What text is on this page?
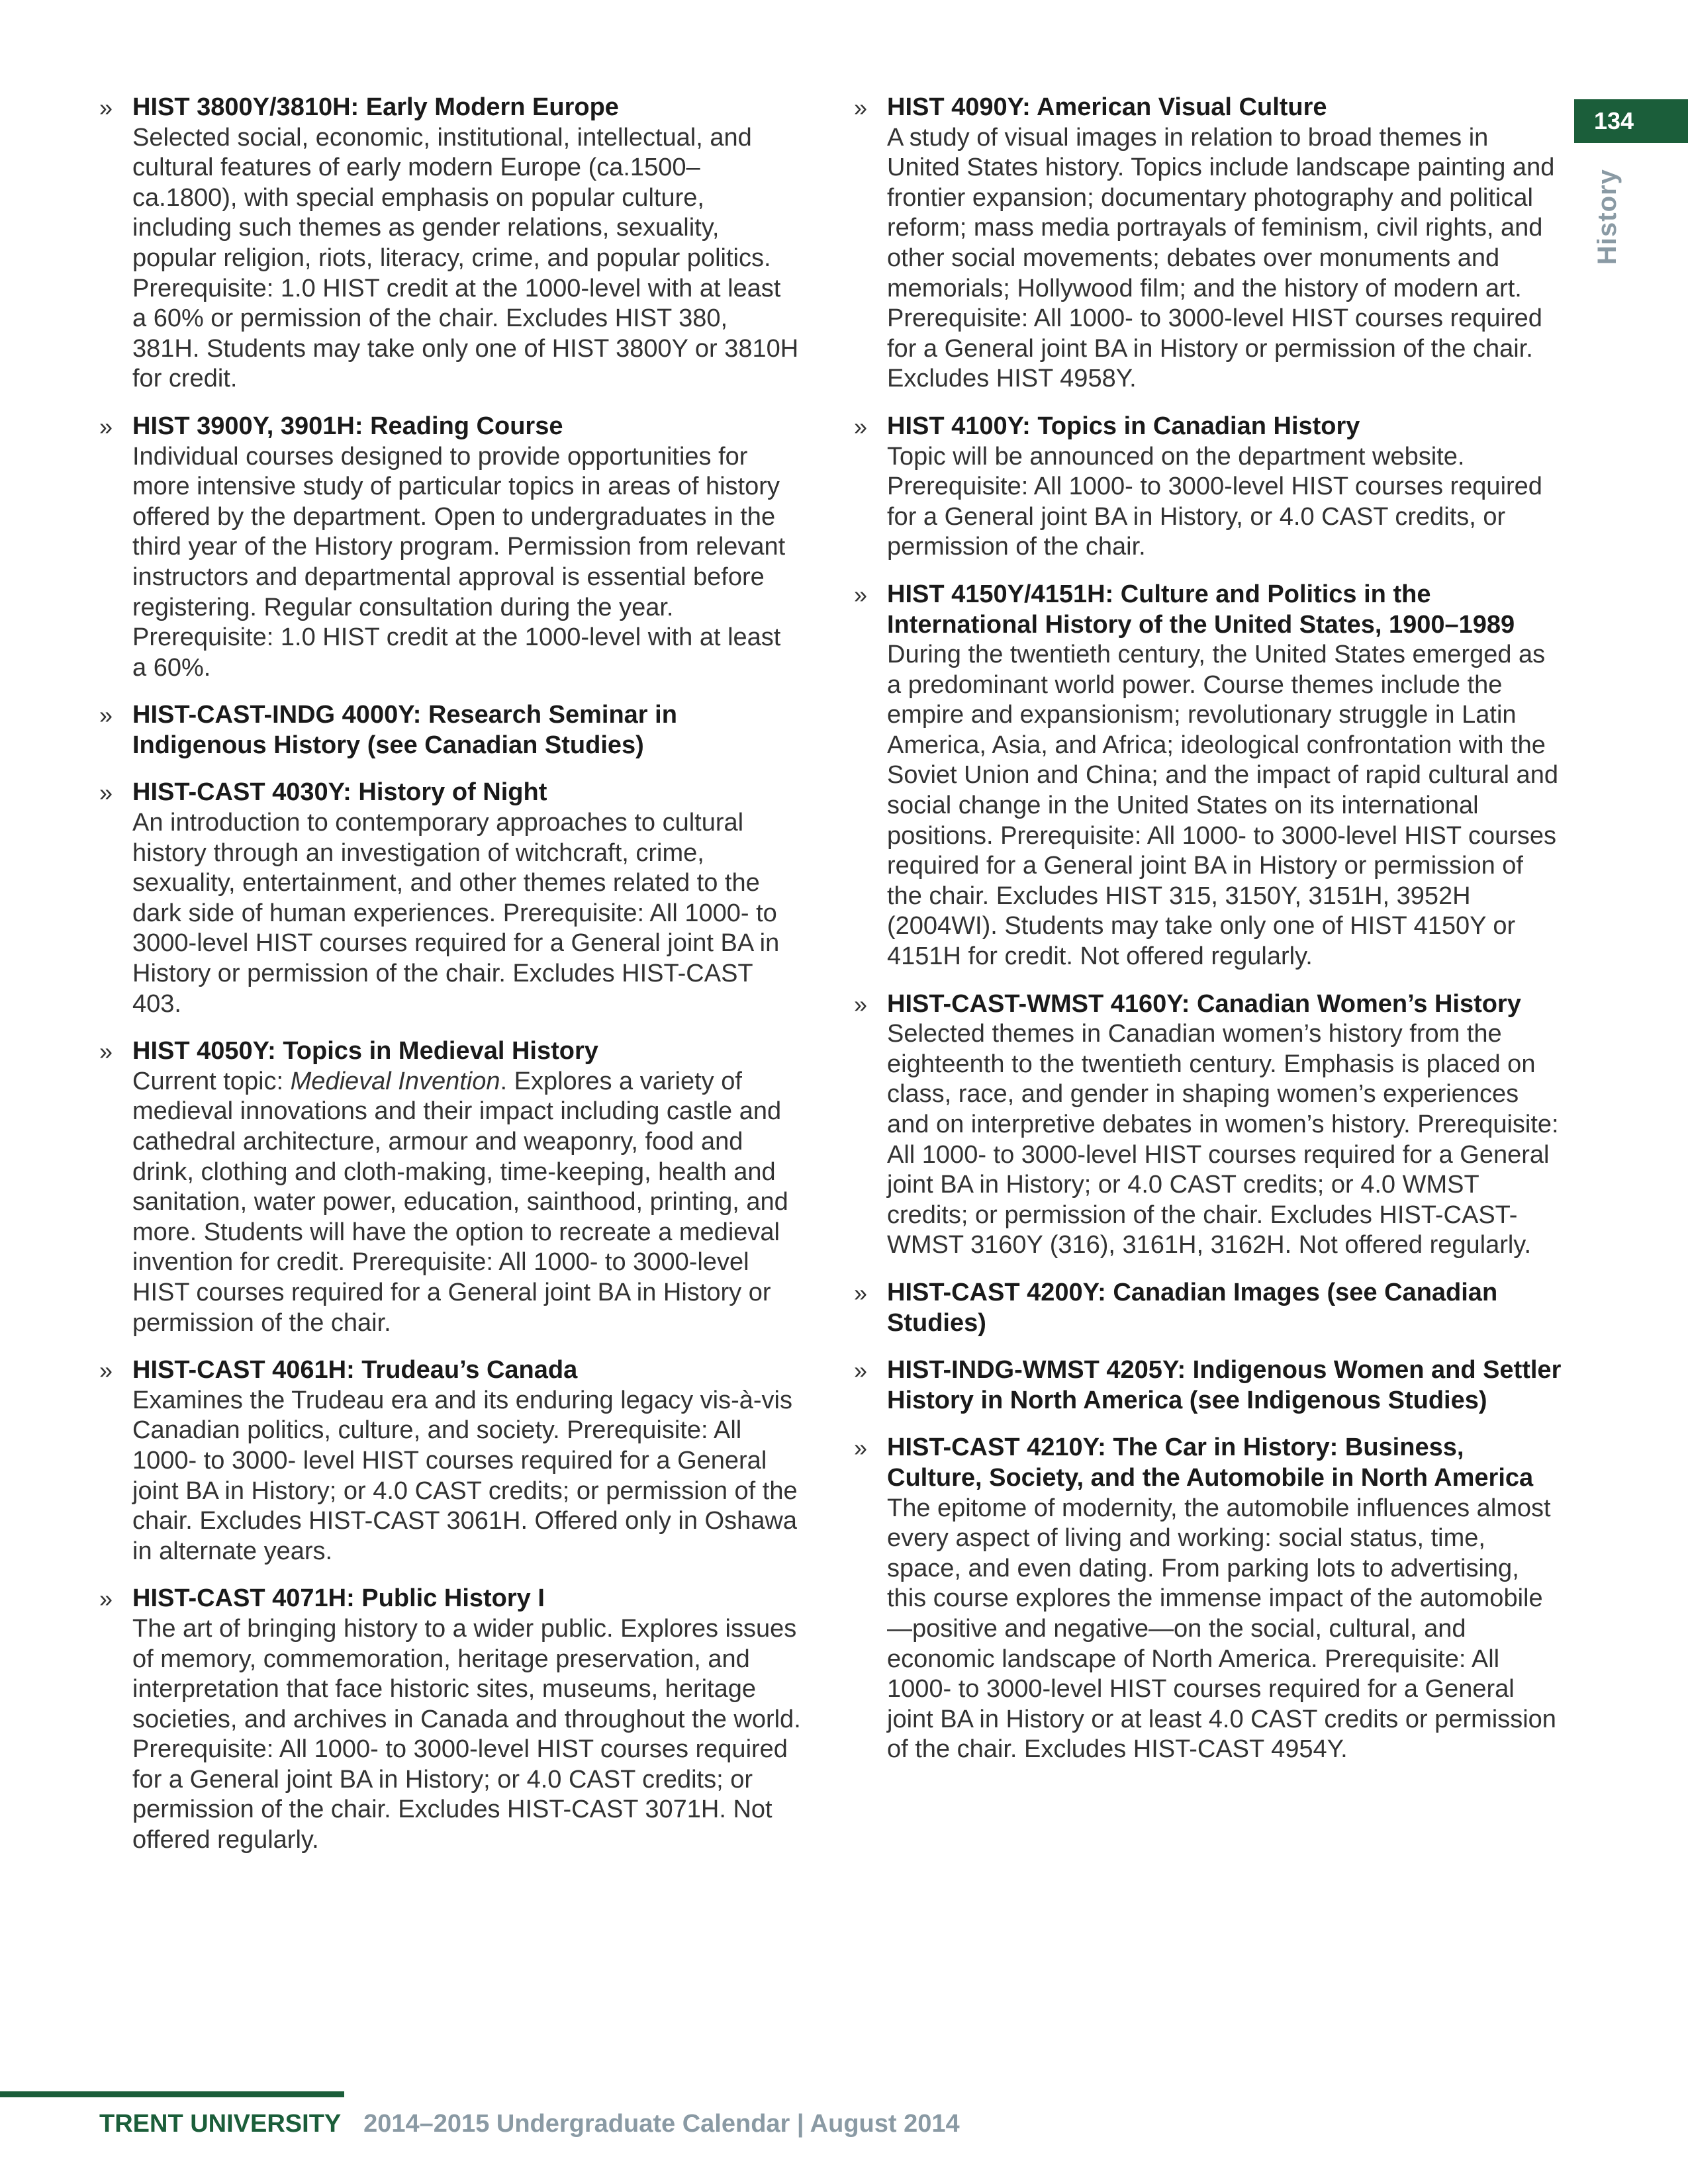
134
History
» HIST 3800Y/3810H: Early Modern Europe
Selected social, economic, institutional, intellectual, and cultural features of early modern Europe (ca.1500–ca.1800), with special emphasis on popular culture, including such themes as gender relations, sexuality, popular religion, riots, literacy, crime, and popular politics. Prerequisite: 1.0 HIST credit at the 1000-level with at least a 60% or permission of the chair. Excludes HIST 380, 381H. Students may take only one of HIST 3800Y or 3810H for credit.
» HIST 3900Y, 3901H: Reading Course
Individual courses designed to provide opportunities for more intensive study of particular topics in areas of history offered by the department. Open to undergraduates in the third year of the History program. Permission from relevant instructors and departmental approval is essential before registering. Regular consultation during the year. Prerequisite: 1.0 HIST credit at the 1000-level with at least a 60%.
» HIST-CAST-INDG 4000Y: Research Seminar in Indigenous History (see Canadian Studies)
» HIST-CAST 4030Y: History of Night
An introduction to contemporary approaches to cultural history through an investigation of witchcraft, crime, sexuality, entertainment, and other themes related to the dark side of human experiences. Prerequisite: All 1000- to 3000-level HIST courses required for a General joint BA in History or permission of the chair. Excludes HIST-CAST 403.
» HIST 4050Y: Topics in Medieval History
Current topic: Medieval Invention. Explores a variety of medieval innovations and their impact including castle and cathedral architecture, armour and weaponry, food and drink, clothing and cloth-making, time-keeping, health and sanitation, water power, education, sainthood, printing, and more. Students will have the option to recreate a medieval invention for credit. Prerequisite: All 1000- to 3000-level HIST courses required for a General joint BA in History or permission of the chair.
» HIST-CAST 4061H: Trudeau’s Canada
Examines the Trudeau era and its enduring legacy vis-à-vis Canadian politics, culture, and society. Prerequisite: All 1000- to 3000- level HIST courses required for a General joint BA in History; or 4.0 CAST credits; or permission of the chair. Excludes HIST-CAST 3061H. Offered only in Oshawa in alternate years.
» HIST-CAST 4071H: Public History I
The art of bringing history to a wider public. Explores issues of memory, commemoration, heritage preservation, and interpretation that face historic sites, museums, heritage societies, and archives in Canada and throughout the world. Prerequisite: All 1000- to 3000-level HIST courses required for a General joint BA in History; or 4.0 CAST credits; or permission of the chair. Excludes HIST-CAST 3071H. Not offered regularly.
» HIST 4090Y: American Visual Culture
A study of visual images in relation to broad themes in United States history. Topics include landscape painting and frontier expansion; documentary photography and political reform; mass media portrayals of feminism, civil rights, and other social movements; debates over monuments and memorials; Hollywood film; and the history of modern art. Prerequisite: All 1000- to 3000-level HIST courses required for a General joint BA in History or permission of the chair. Excludes HIST 4958Y.
» HIST 4100Y: Topics in Canadian History
Topic will be announced on the department website. Prerequisite: All 1000- to 3000-level HIST courses required for a General joint BA in History, or 4.0 CAST credits, or permission of the chair.
» HIST 4150Y/4151H: Culture and Politics in the International History of the United States, 1900–1989
During the twentieth century, the United States emerged as a predominant world power. Course themes include the empire and expansionism; revolutionary struggle in Latin America, Asia, and Africa; ideological confrontation with the Soviet Union and China; and the impact of rapid cultural and social change in the United States on its international positions. Prerequisite: All 1000- to 3000-level HIST courses required for a General joint BA in History or permission of the chair. Excludes HIST 315, 3150Y, 3151H, 3952H (2004WI). Students may take only one of HIST 4150Y or 4151H for credit. Not offered regularly.
» HIST-CAST-WMST 4160Y: Canadian Women’s History
Selected themes in Canadian women’s history from the eighteenth to the twentieth century. Emphasis is placed on class, race, and gender in shaping women’s experiences and on interpretive debates in women’s history. Prerequisite: All 1000- to 3000-level HIST courses required for a General joint BA in History; or 4.0 CAST credits; or 4.0 WMST credits; or permission of the chair. Excludes HIST-CAST-WMST 3160Y (316), 3161H, 3162H. Not offered regularly.
» HIST-CAST 4200Y: Canadian Images (see Canadian Studies)
» HIST-INDG-WMST 4205Y: Indigenous Women and Settler History in North America (see Indigenous Studies)
» HIST-CAST 4210Y: The Car in History: Business, Culture, Society, and the Automobile in North America
The epitome of modernity, the automobile influences almost every aspect of living and working: social status, time, space, and even dating. From parking lots to advertising, this course explores the immense impact of the automobile—positive and negative—on the social, cultural, and economic landscape of North America. Prerequisite: All 1000- to 3000-level HIST courses required for a General joint BA in History or at least 4.0 CAST credits or permission of the chair. Excludes HIST-CAST 4954Y.
TRENT UNIVERSITY 2014–2015 Undergraduate Calendar | August 2014
